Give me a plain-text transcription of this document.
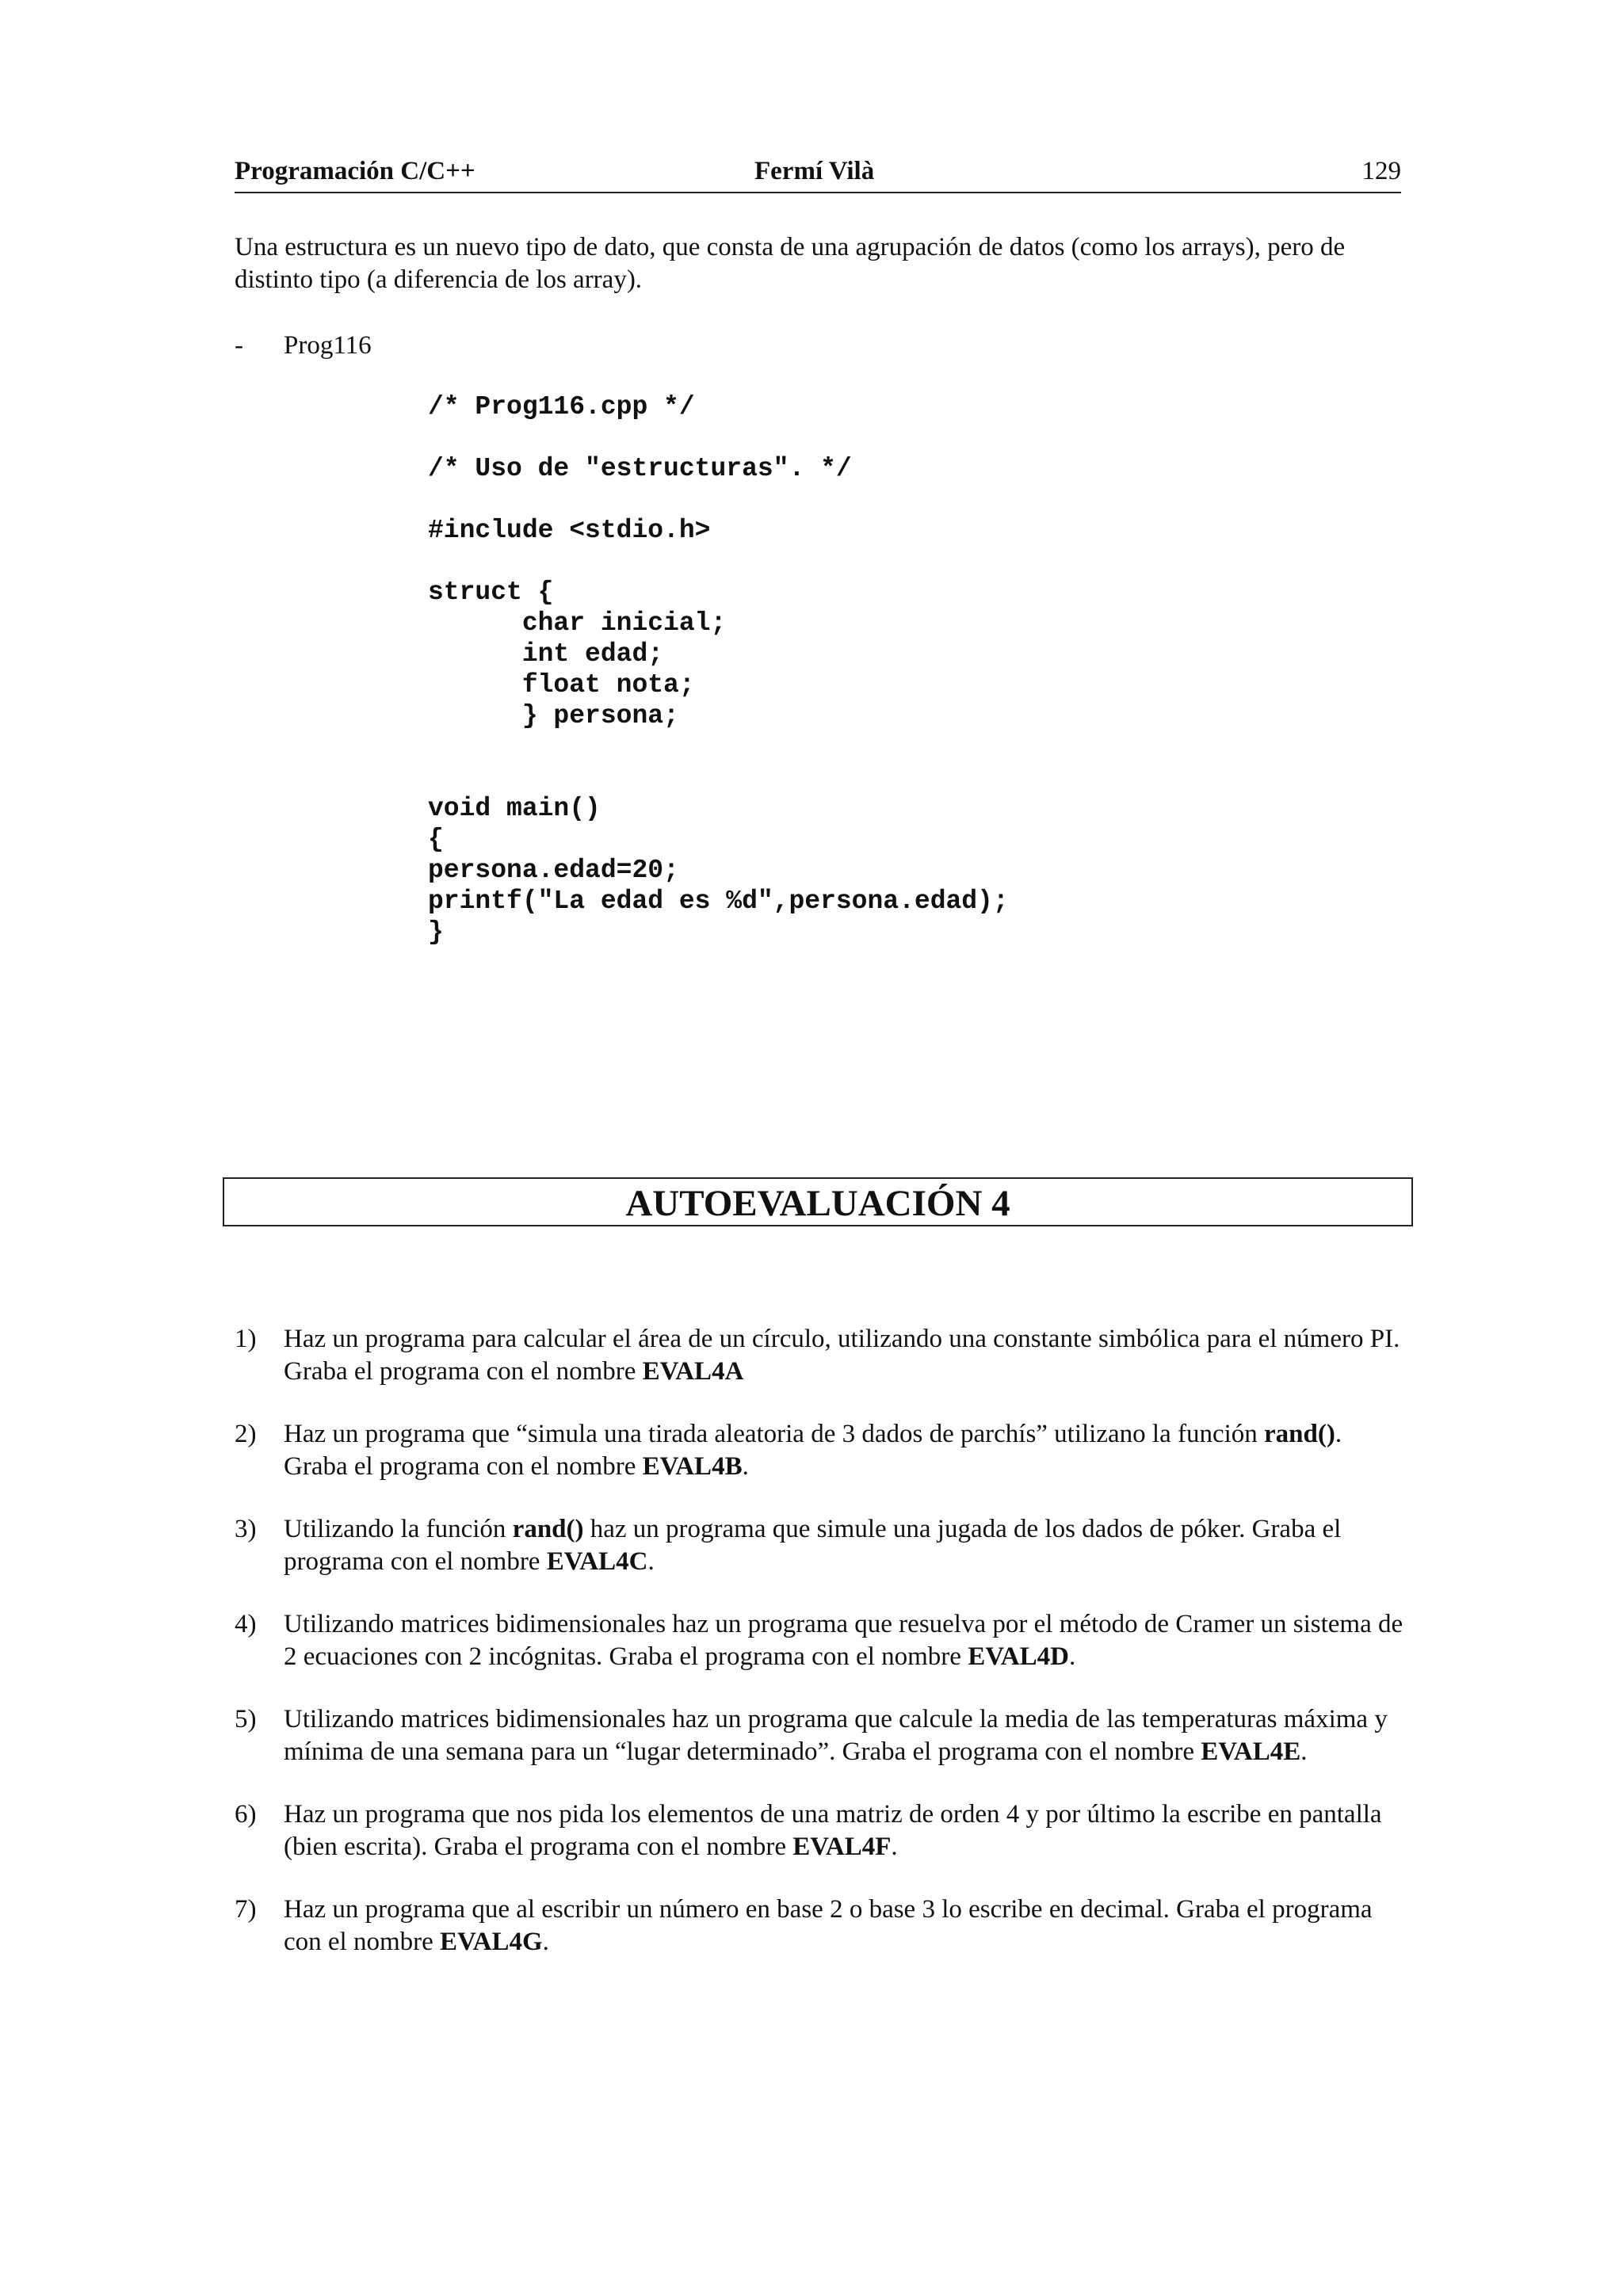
Programación C/C++	Fermí Vilà	129
Una estructura es un nuevo tipo de dato, que consta de una agrupación de datos (como los arrays), pero de distinto tipo (a diferencia de los array).
- Prog116
/* Prog116.cpp */
/* Uso de "estructuras". */
#include <stdio.h>
struct {
char inicial;
int edad;
float nota;
} persona;
void main()
{
persona.edad=20;
printf("La edad es %d",persona.edad);
}
AUTOEVALUACIÓN 4
1) Haz un programa para calcular el área de un círculo, utilizando una constante simbólica para el número PI. Graba el programa con el nombre EVAL4A
2) Haz un programa que “simula una tirada aleatoria de 3 dados de parchís” utilizano la función rand(). Graba el programa con el nombre EVAL4B.
3) Utilizando la función rand() haz un programa que simule una jugada de los dados de póker. Graba el programa con el nombre EVAL4C.
4) Utilizando matrices bidimensionales haz un programa que resuelva por el método de Cramer un sistema de 2 ecuaciones con 2 incógnitas. Graba el programa con el nombre EVAL4D.
5) Utilizando matrices bidimensionales haz un programa que calcule la media de las temperaturas máxima y mínima de una semana para un “lugar determinado”. Graba el programa con el nombre EVAL4E.
6) Haz un programa que nos pida los elementos de una matriz de orden 4 y por último la escribe en pantalla (bien escrita). Graba el programa con el nombre EVAL4F.
7) Haz un programa que al escribir un número en base 2 o base 3 lo escribe en decimal. Graba el programa con el nombre EVAL4G.
